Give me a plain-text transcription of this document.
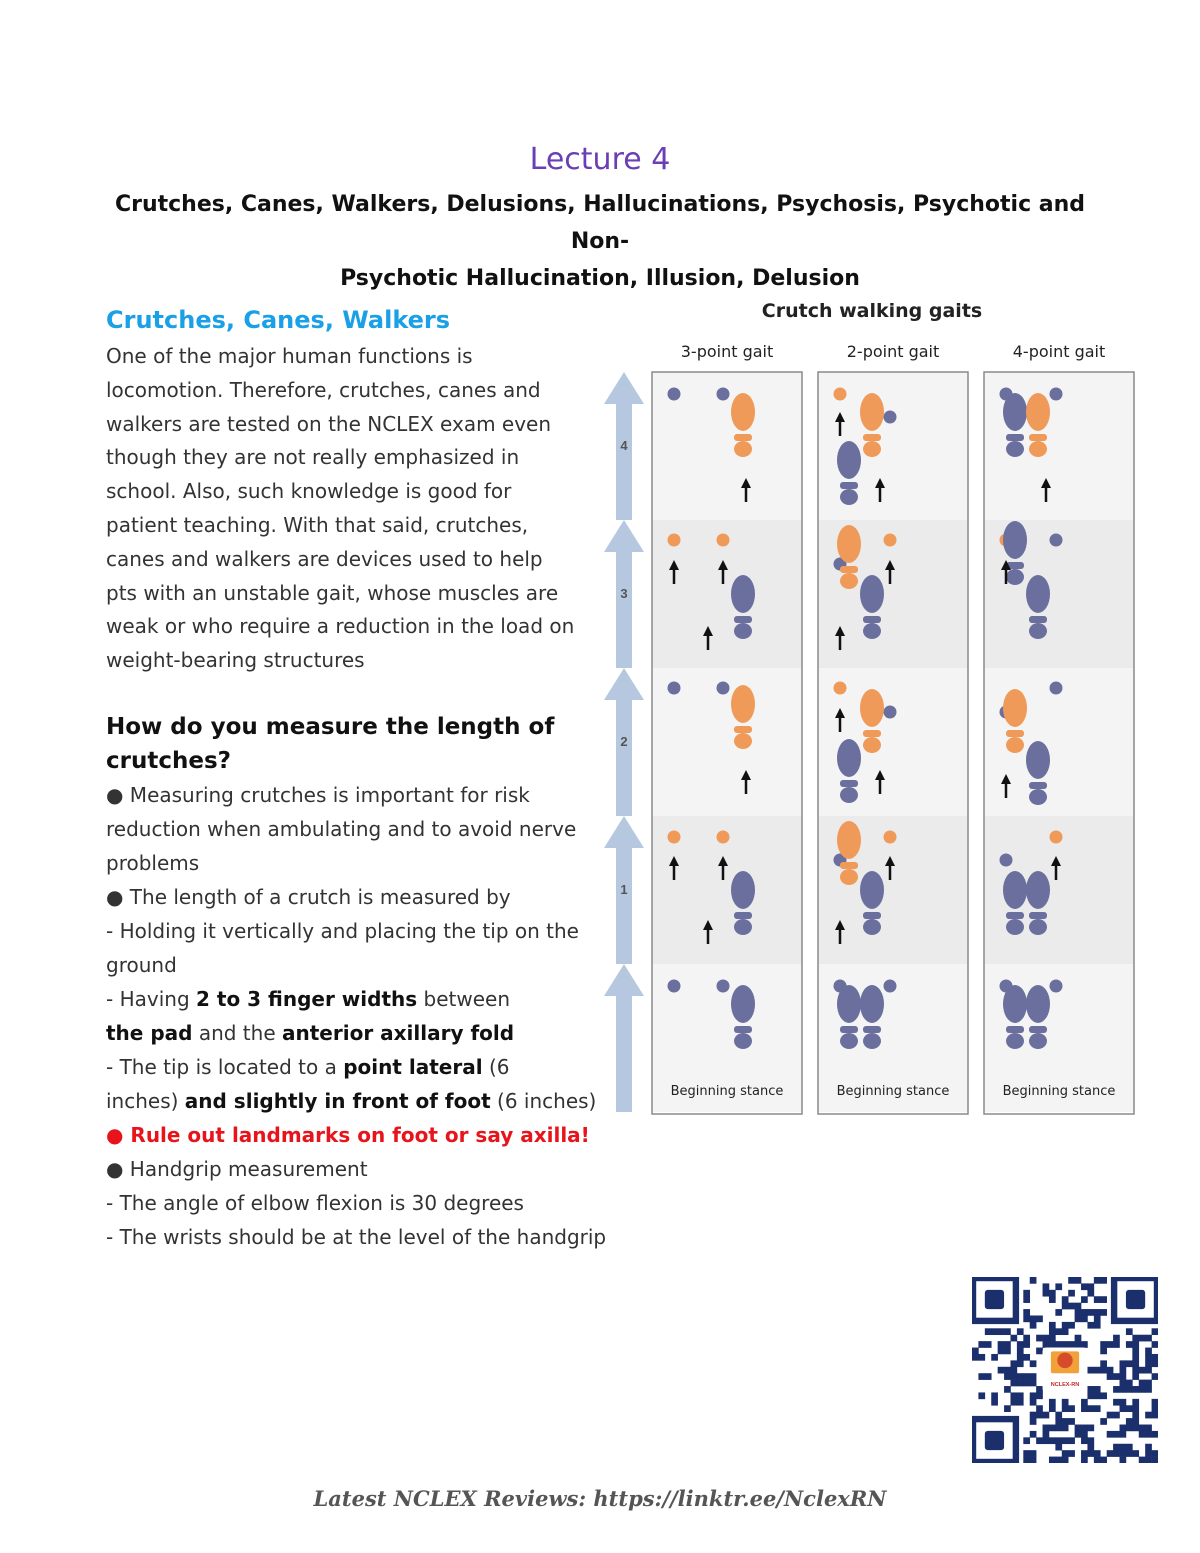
Lecture 4
Crutches, Canes, Walkers, Delusions, Hallucinations, Psychosis, Psychotic and Non-
Psychotic Hallucination, Illusion, Delusion
Crutches, Canes, Walkers

One of the major human functions is locomotion. Therefore, crutches, canes and walkers are tested on the NCLEX exam even though they are not really emphasized in school. Also, such knowledge is good for patient teaching. With that said, crutches, canes and walkers are devices used to help pts with an unstable gait, whose muscles are weak or who require a reduction in the load on weight-bearing structures

How do you measure the length of crutches?
● Measuring crutches is important for risk reduction when ambulating and to avoid nerve problems
● The length of a crutch is measured by
- Holding it vertically and placing the tip on the ground
- Having 2 to 3 finger widths between
the pad and the anterior axillary fold
- The tip is located to a point lateral (6
inches) and slightly in front of foot (6 inches)
● Rule out landmarks on foot or say axilla!
● Handgrip measurement
- The angle of elbow flexion is 30 degrees
- The wrists should be at the level of the handgrip
Crutch walking gaits
3-point gait	2-point gait	4-point gait
4
3
2
1
Beginning stance	Beginning stance	Beginning stance
NCLEX-RN
Latest NCLEX Reviews: https://linktr.ee/NclexRN
